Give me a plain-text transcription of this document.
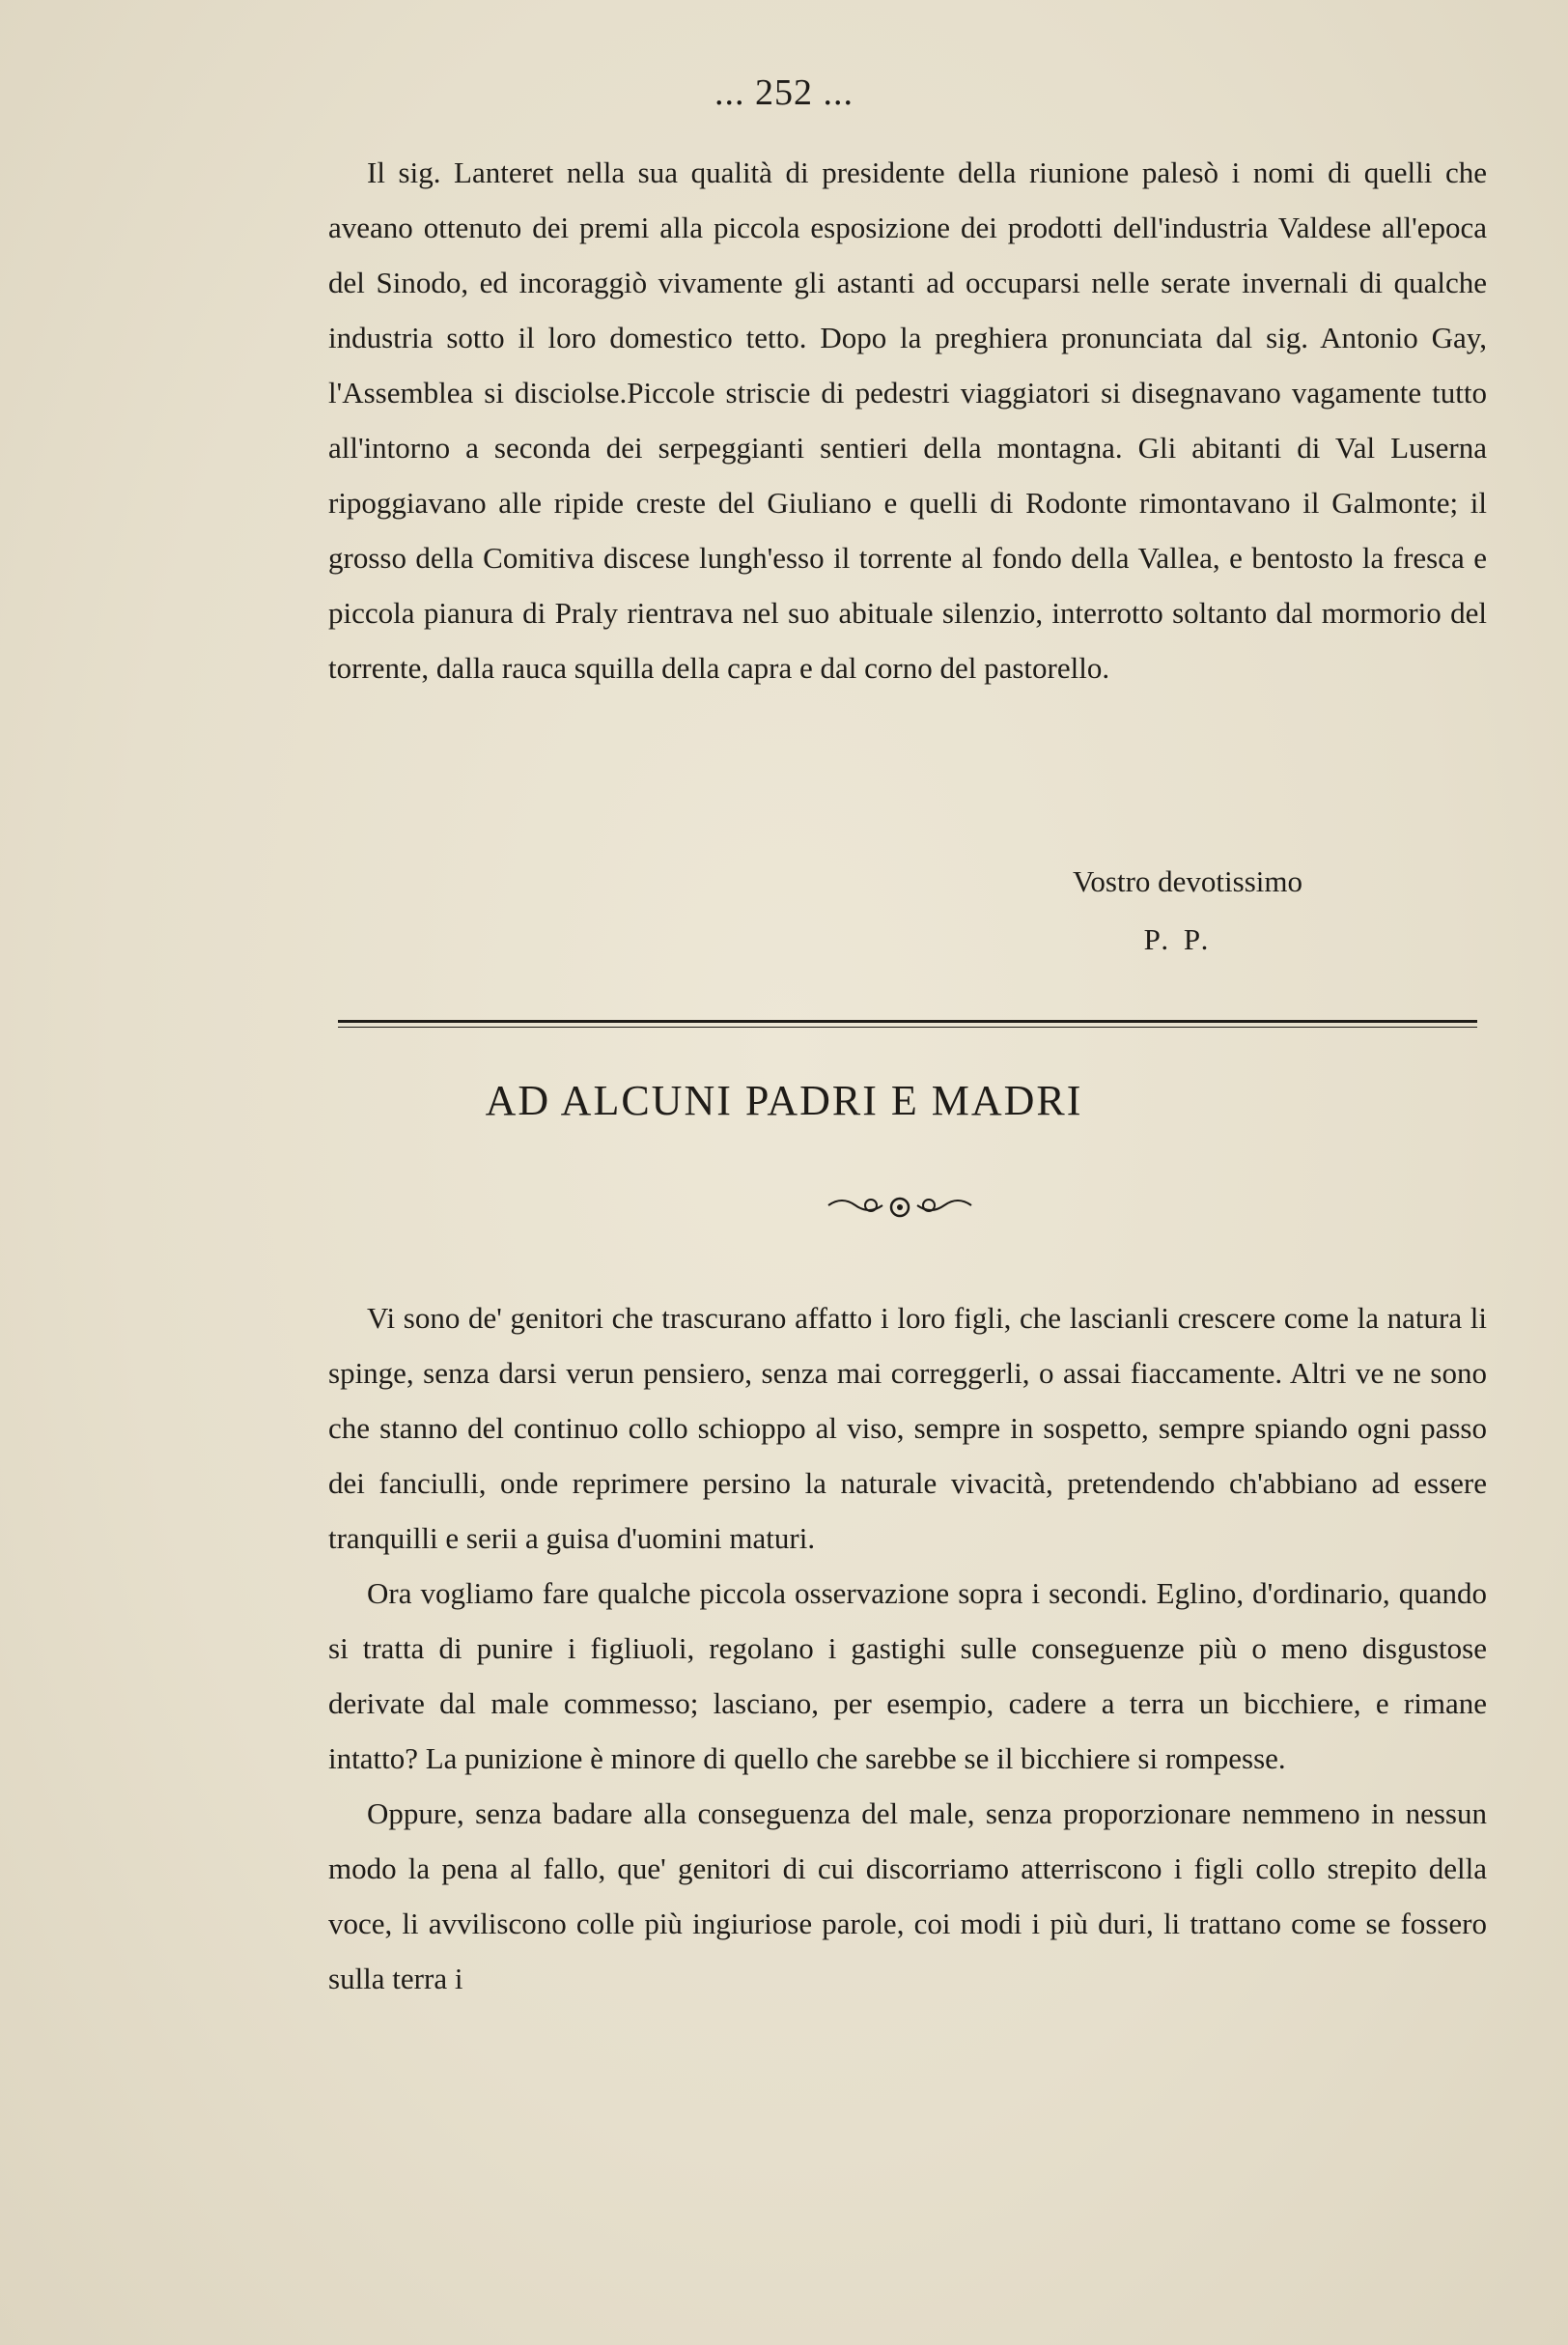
... 252 ...

Il sig. Lanteret nella sua qualità di presidente della riunione palesò i nomi di quelli che aveano ottenuto dei premi alla piccola esposizione dei prodotti dell'industria Valdese all'epoca del Sinodo, ed incoraggiò vivamente gli astanti ad occuparsi nelle serate invernali di qualche industria sotto il loro domestico tetto. Dopo la preghiera pronunciata dal sig. Antonio Gay, l'Assemblea si disciolse.Piccole striscie di pedestri viaggiatori si disegnavano vagamente tutto all'intorno a seconda dei serpeggianti sentieri della montagna. Gli abitanti di Val Luserna ripoggiavano alle ripide creste del Giuliano e quelli di Rodonte rimontavano il Galmonte; il grosso della Comitiva discese lungh'esso il torrente al fondo della Vallea, e bentosto la fresca e piccola pianura di Praly rientrava nel suo abituale silenzio, interrotto soltanto dal mormorio del torrente, dalla rauca squilla della capra e dal corno del pastorello.

Vostro devotissimo
P. P.
AD ALCUNI PADRI E MADRI

Vi sono de' genitori che trascurano affatto i loro figli, che lascianli crescere come la natura li spinge, senza darsi verun pensiero, senza mai correggerli, o assai fiaccamente. Altri ve ne sono che stanno del continuo collo schioppo al viso, sempre in sospetto, sempre spiando ogni passo dei fanciulli, onde reprimere persino la naturale vivacità, pretendendo ch'abbiano ad essere tranquilli e serii a guisa d'uomini maturi.

Ora vogliamo fare qualche piccola osservazione sopra i secondi. Eglino, d'ordinario, quando si tratta di punire i figliuoli, regolano i gastighi sulle conseguenze più o meno disgustose derivate dal male commesso; lasciano, per esempio, cadere a terra un bicchiere, e rimane intatto? La punizione è minore di quello che sarebbe se il bicchiere si rompesse.

Oppure, senza badare alla conseguenza del male, senza proporzionare nemmeno in nessun modo la pena al fallo, que' genitori di cui discorriamo atterriscono i figli collo strepito della voce, li avviliscono colle più ingiuriose parole, coi modi i più duri, li trattano come se fossero sulla terra i
